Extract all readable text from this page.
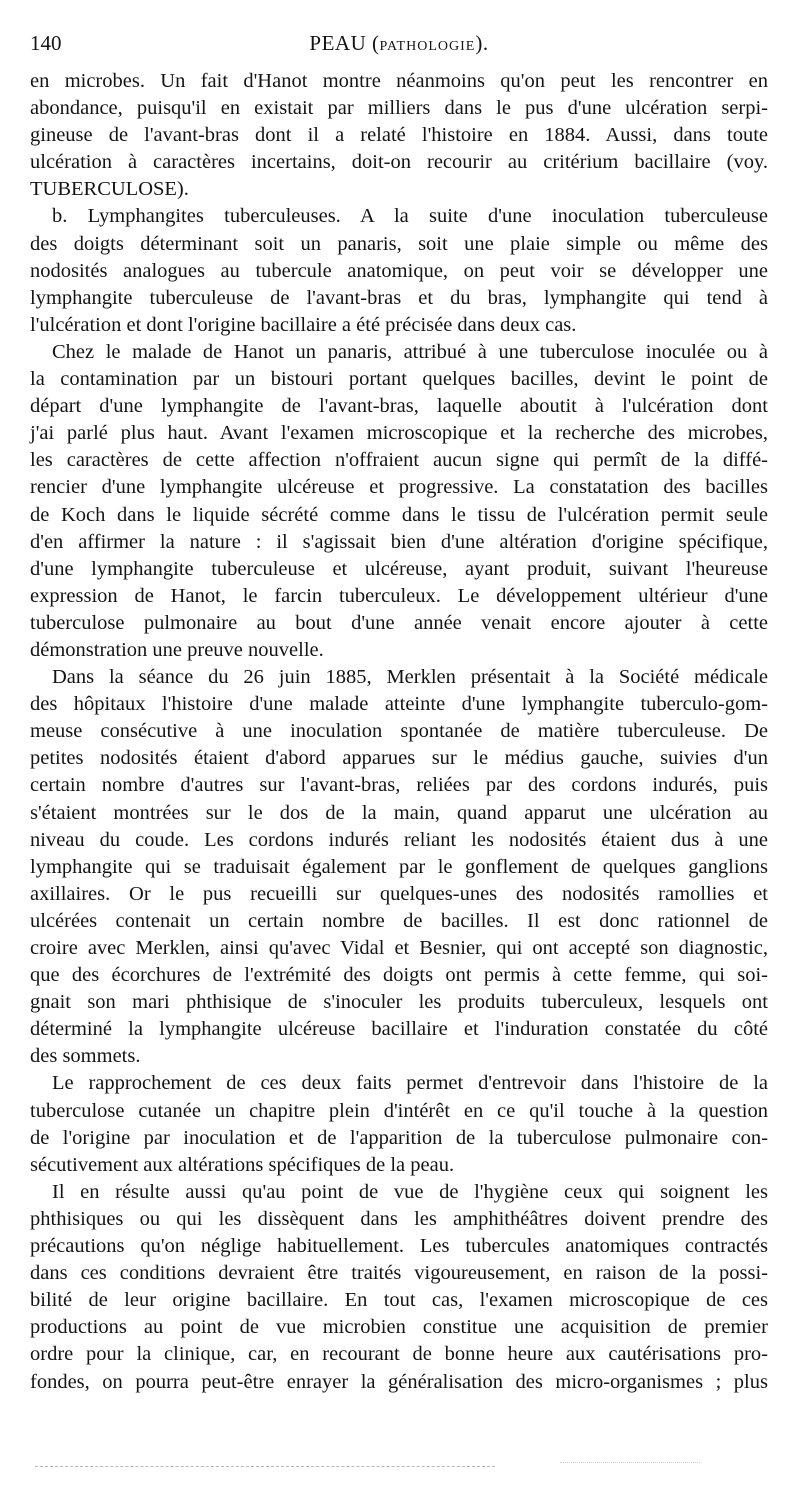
140	PEAU (PATHOLOGIE).
en microbes. Un fait d'Hanot montre néanmoins qu'on peut les rencontrer en
abondance, puisqu'il en existait par milliers dans le pus d'une ulcération serpi-
gineuse de l'avant-bras dont il a relaté l'histoire en 1884. Aussi, dans toute
ulcération à caractères incertains, doit-on recourir au critérium bacillaire (voy.
TUBERCULOSE).
b. Lymphangites tuberculeuses. A la suite d'une inoculation tuberculeuse
des doigts déterminant soit un panaris, soit une plaie simple ou même des
nodosités analogues au tubercule anatomique, on peut voir se développer une
lymphangite tuberculeuse de l'avant-bras et du bras, lymphangite qui tend à
l'ulcération et dont l'origine bacillaire a été précisée dans deux cas.
Chez le malade de Hanot un panaris, attribué à une tuberculose inoculée ou à
la contamination par un bistouri portant quelques bacilles, devint le point de
départ d'une lymphangite de l'avant-bras, laquelle aboutit à l'ulcération dont
j'ai parlé plus haut. Avant l'examen microscopique et la recherche des microbes,
les caractères de cette affection n'offraient aucun signe qui permît de la diffé-
rencier d'une lymphangite ulcéreuse et progressive. La constatation des bacilles
de Koch dans le liquide sécrété comme dans le tissu de l'ulcération permit seule
d'en affirmer la nature : il s'agissait bien d'une altération d'origine spécifique,
d'une lymphangite tuberculeuse et ulcéreuse, ayant produit, suivant l'heureuse
expression de Hanot, le farcin tuberculeux. Le développement ultérieur d'une
tuberculose pulmonaire au bout d'une année venait encore ajouter à cette
démonstration une preuve nouvelle.
Dans la séance du 26 juin 1885, Merklen présentait à la Société médicale
des hôpitaux l'histoire d'une malade atteinte d'une lymphangite tuberculo-gom-
meuse consécutive à une inoculation spontanée de matière tuberculeuse. De
petites nodosités étaient d'abord apparues sur le médius gauche, suivies d'un
certain nombre d'autres sur l'avant-bras, reliées par des cordons indurés, puis
s'étaient montrées sur le dos de la main, quand apparut une ulcération au
niveau du coude. Les cordons indurés reliant les nodosités étaient dus à une
lymphangite qui se traduisait également par le gonflement de quelques ganglions
axillaires. Or le pus recueilli sur quelques-unes des nodosités ramollies et
ulcérées contenait un certain nombre de bacilles. Il est donc rationnel de
croire avec Merklen, ainsi qu'avec Vidal et Besnier, qui ont accepté son diagnostic,
que des écorchures de l'extrémité des doigts ont permis à cette femme, qui soi-
gnait son mari phthisique de s'inoculer les produits tuberculeux, lesquels ont
déterminé la lymphangite ulcéreuse bacillaire et l'induration constatée du côté
des sommets.
Le rapprochement de ces deux faits permet d'entrevoir dans l'histoire de la
tuberculose cutanée un chapitre plein d'intérêt en ce qu'il touche à la question
de l'origine par inoculation et de l'apparition de la tuberculose pulmonaire con-
sécutivement aux altérations spécifiques de la peau.
Il en résulte aussi qu'au point de vue de l'hygiène ceux qui soignent les
phthisiques ou qui les dissèquent dans les amphithéâtres doivent prendre des
précautions qu'on néglige habituellement. Les tubercules anatomiques contractés
dans ces conditions devraient être traités vigoureusement, en raison de la possi-
bilité de leur origine bacillaire. En tout cas, l'examen microscopique de ces
productions au point de vue microbien constitue une acquisition de premier
ordre pour la clinique, car, en recourant de bonne heure aux cautérisations pro-
fondes, on pourra peut-être enrayer la généralisation des micro-organismes ; plus
